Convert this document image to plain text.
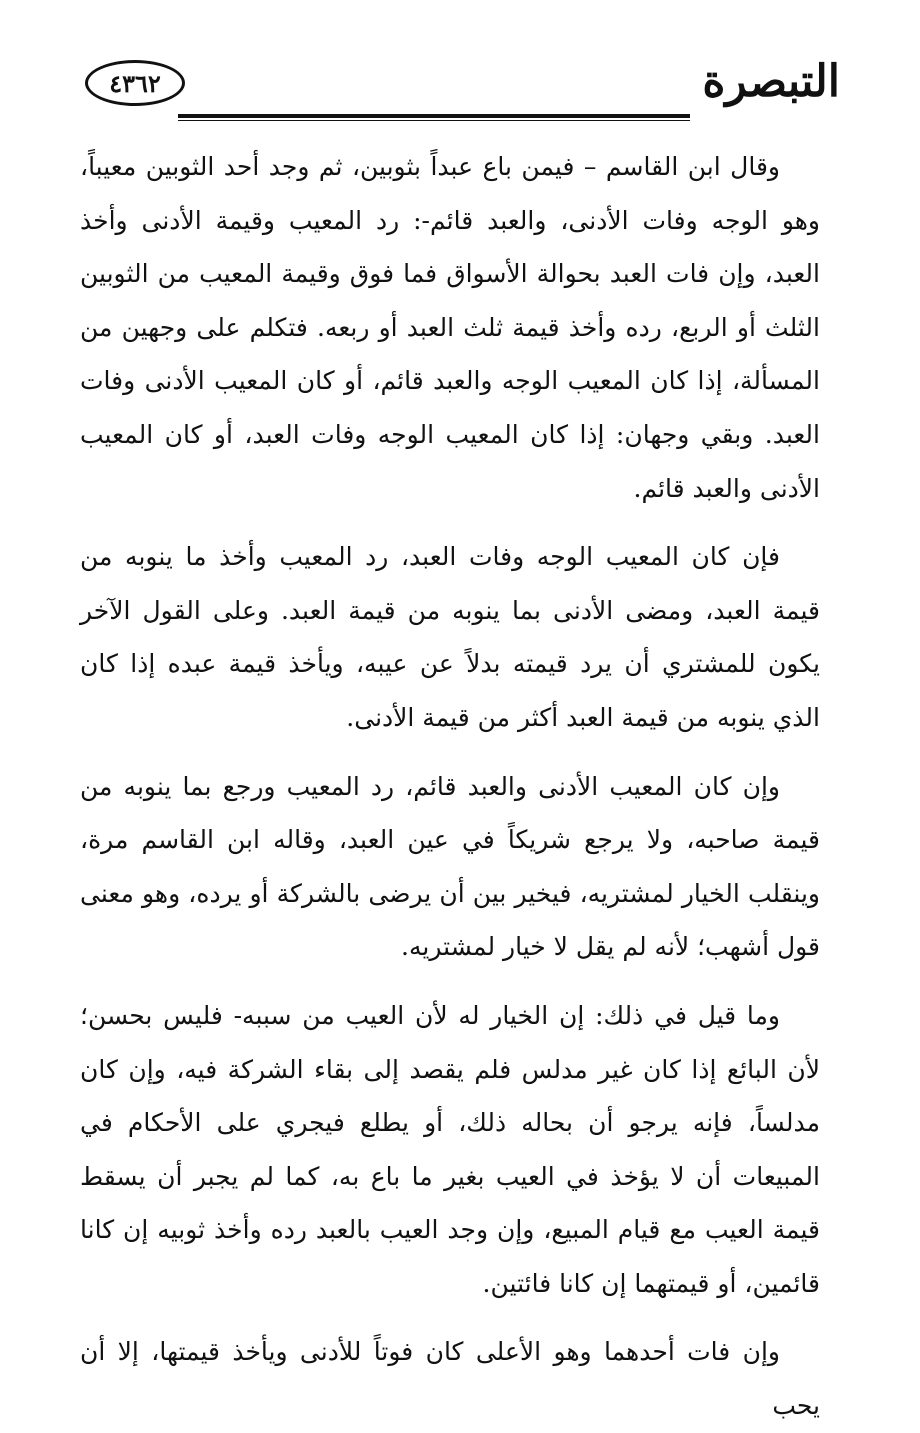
٤٣٦٢	التبصرة

وقال ابن القاسم – فيمن باع عبداً بثوبين، ثم وجد أحد الثوبين معيباً، وهو الوجه وفات الأدنى، والعبد قائم-: رد المعيب وقيمة الأدنى وأخذ العبد، وإن فات العبد بحوالة الأسواق فما فوق وقيمة المعيب من الثوبين الثلث أو الربع، رده وأخذ قيمة ثلث العبد أو ربعه. فتكلم على وجهين من المسألة، إذا كان المعيب الوجه والعبد قائم، أو كان المعيب الأدنى وفات العبد. وبقي وجهان: إذا كان المعيب الوجه وفات العبد، أو كان المعيب الأدنى والعبد قائم.

فإن كان المعيب الوجه وفات العبد، رد المعيب وأخذ ما ينوبه من قيمة العبد، ومضى الأدنى بما ينوبه من قيمة العبد. وعلى القول الآخر يكون للمشتري أن يرد قيمته بدلاً عن عيبه، ويأخذ قيمة عبده إذا كان الذي ينوبه من قيمة العبد أكثر من قيمة الأدنى.

وإن كان المعيب الأدنى والعبد قائم، رد المعيب ورجع بما ينوبه من قيمة صاحبه، ولا يرجع شريكاً في عين العبد، وقاله ابن القاسم مرة، وينقلب الخيار لمشتريه، فيخير بين أن يرضى بالشركة أو يرده، وهو معنى قول أشهب؛ لأنه لم يقل لا خيار لمشتريه.

وما قيل في ذلك: إن الخيار له لأن العيب من سببه- فليس بحسن؛ لأن البائع إذا كان غير مدلس فلم يقصد إلى بقاء الشركة فيه، وإن كان مدلساً، فإنه يرجو أن بحاله ذلك، أو يطلع فيجري على الأحكام في المبيعات أن لا يؤخذ في العيب بغير ما باع به، كما لم يجبر أن يسقط قيمة العيب مع قيام المبيع، وإن وجد العيب بالعبد رده وأخذ ثوبيه إن كانا قائمين، أو قيمتهما إن كانا فائتين.

وإن فات أحدهما وهو الأعلى كان فوتاً للأدنى ويأخذ قيمتها، إلا أن يحب
